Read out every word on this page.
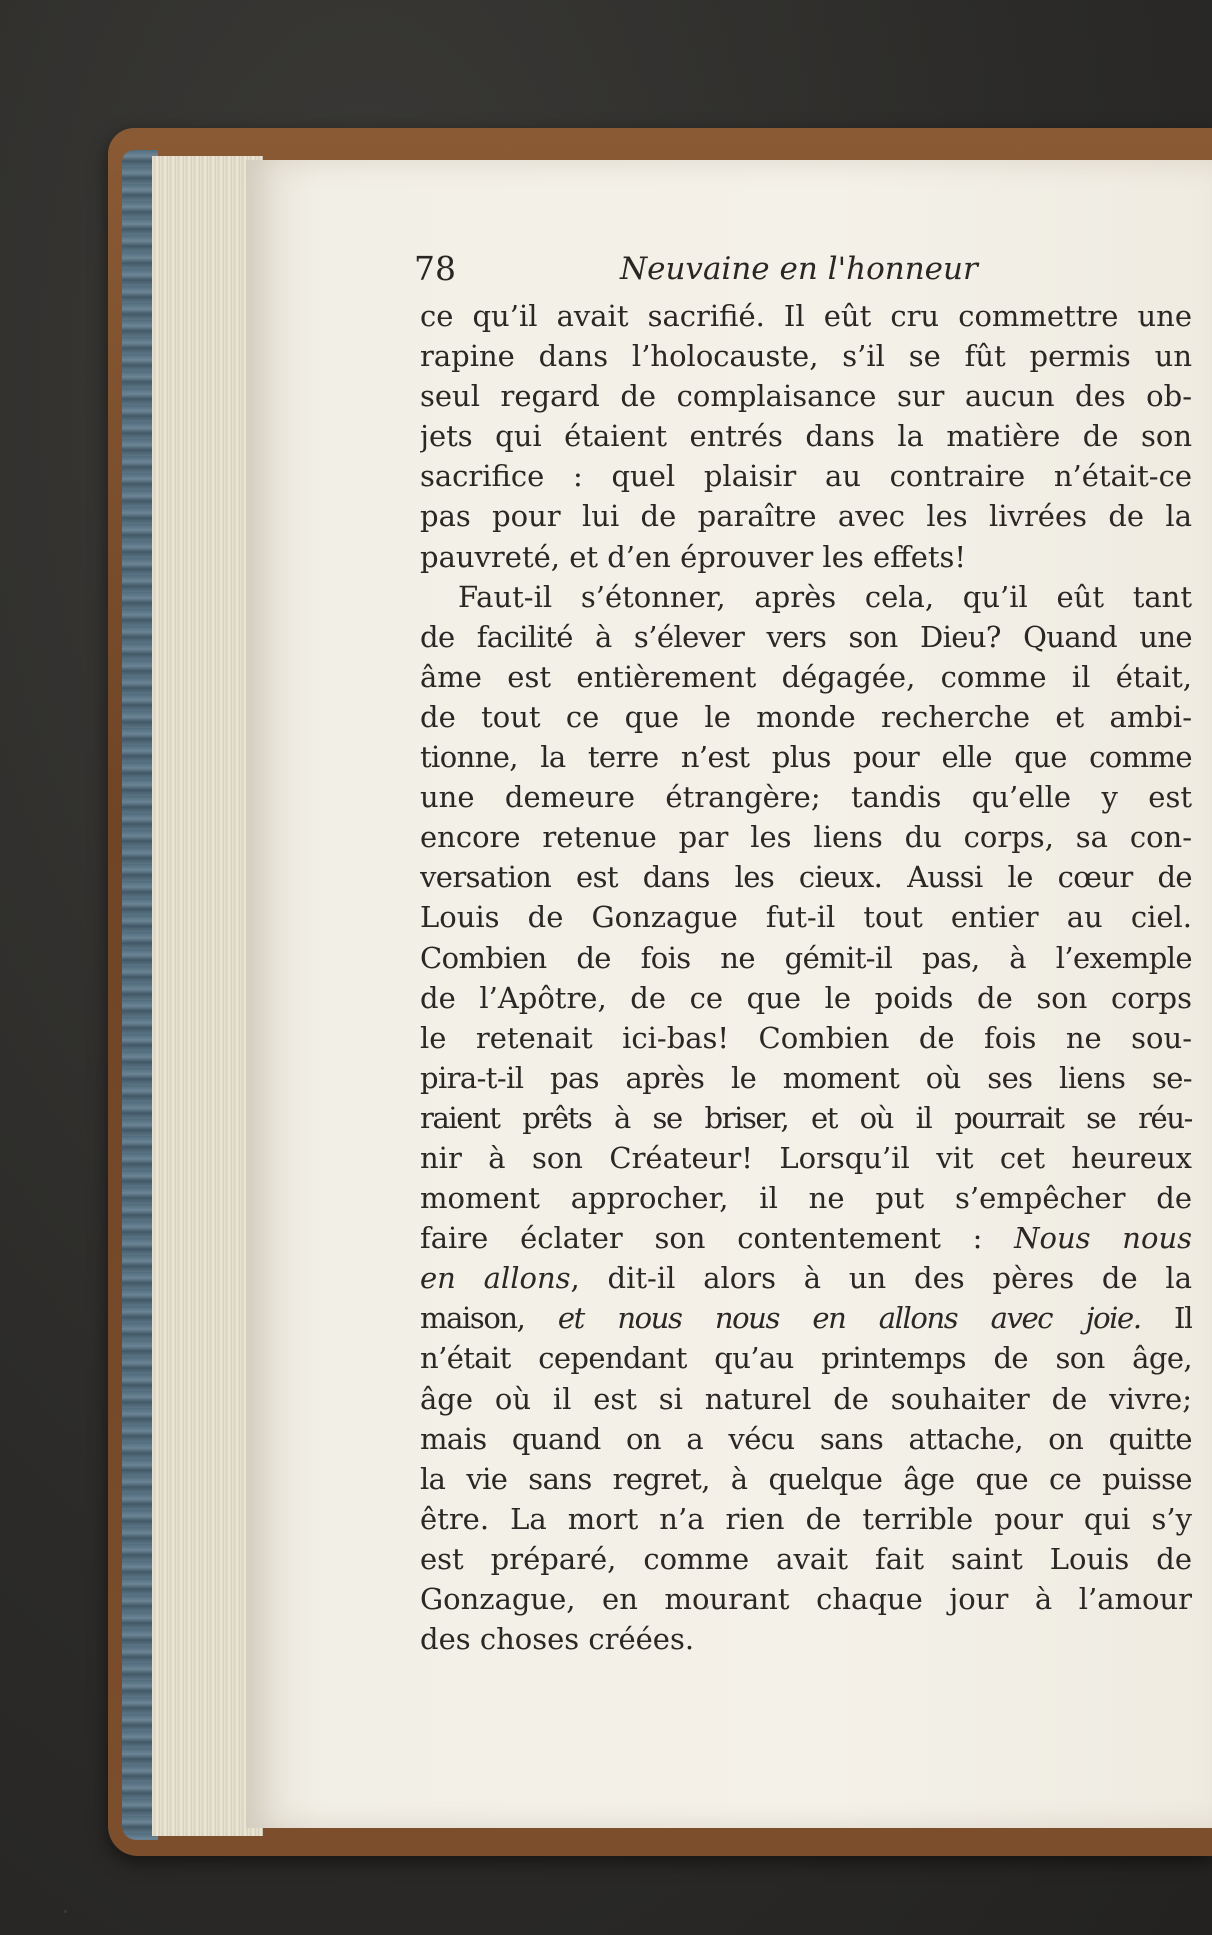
78	Neuvaine en l'honneur
ce qu’il avait sacrifié. Il eût cru commettre une
rapine dans l’holocauste, s’il se fût permis un
seul regard de complaisance sur aucun des ob-
jets qui étaient entrés dans la matière de son
sacrifice : quel plaisir au contraire n’était-ce
pas pour lui de paraître avec les livrées de la
pauvreté, et d’en éprouver les effets!
Faut-il s’étonner, après cela, qu’il eût tant
de facilité à s’élever vers son Dieu? Quand une
âme est entièrement dégagée, comme il était,
de tout ce que le monde recherche et ambi-
tionne, la terre n’est plus pour elle que comme
une demeure étrangère; tandis qu’elle y est
encore retenue par les liens du corps, sa con-
versation est dans les cieux. Aussi le cœur de
Louis de Gonzague fut-il tout entier au ciel.
Combien de fois ne gémit-il pas, à l’exemple
de l’Apôtre, de ce que le poids de son corps
le retenait ici-bas! Combien de fois ne sou-
pira-t-il pas après le moment où ses liens se-
raient prêts à se briser, et où il pourrait se réu-
nir à son Créateur! Lorsqu’il vit cet heureux
moment approcher, il ne put s’empêcher de
faire éclater son contentement : Nous nous
en allons, dit-il alors à un des pères de la
maison, et nous nous en allons avec joie. Il
n’était cependant qu’au printemps de son âge,
âge où il est si naturel de souhaiter de vivre;
mais quand on a vécu sans attache, on quitte
la vie sans regret, à quelque âge que ce puisse
être. La mort n’a rien de terrible pour qui s’y
est préparé, comme avait fait saint Louis de
Gonzague, en mourant chaque jour à l’amour
des choses créées.
